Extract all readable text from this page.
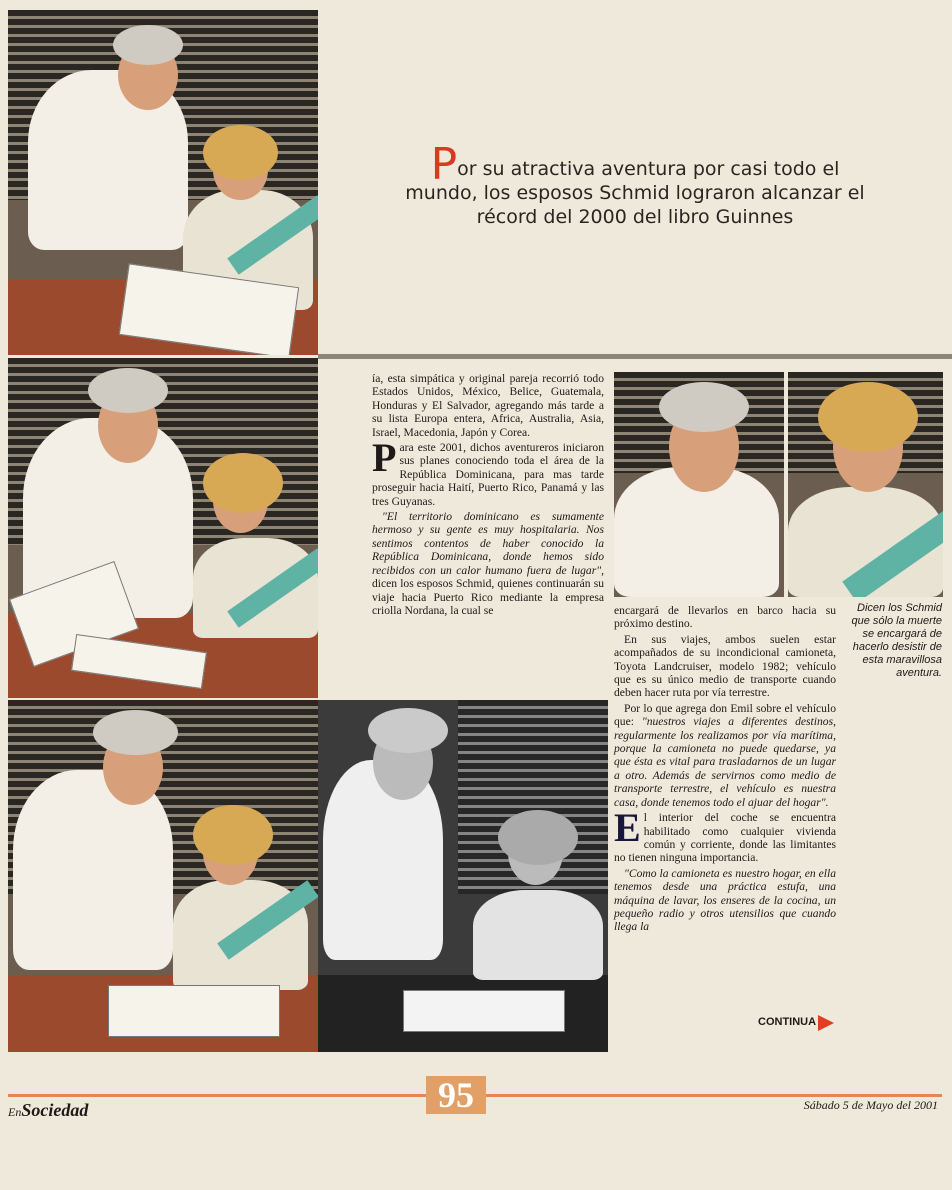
Por su atractiva aventura por casi todo el mundo, los esposos Schmid lograron alcanzar el récord del 2000 del libro Guinnes

ía, esta simpática y original pareja recorrió todo Estados Unidos, México, Belice, Guatemala, Honduras y El Salvador, agregando más tarde a su lista Europa entera, Africa, Australia, Asia, Israel, Macedonia, Japón y Corea.

Para este 2001, dichos aventureros iniciaron sus planes conociendo toda el área de la República Dominicana, para mas tarde proseguir hacia Haití, Puerto Rico, Panamá y las tres Guyanas.

"El territorio dominicano es sumamente hermoso y su gente es muy hospitalaria. Nos sentimos contentos de haber conocido la República Dominicana, donde hemos sido recibidos con un calor humano fuera de lugar", dicen los esposos Schmid, quienes continuarán su viaje hacia Puerto Rico mediante la empresa criolla Nordana, la cual se	encargará de llevarlos en barco hacia su próximo destino.

En sus viajes, ambos suelen estar acompañados de su incondicional camioneta, Toyota Landcruiser, modelo 1982; vehículo que es su único medio de transporte cuando deben hacer ruta por vía terrestre.

Por lo que agrega don Emil sobre el vehículo que: "nuestros viajes a diferentes destinos, regularmente los realizamos por vía marítima, porque la camioneta no puede quedarse, ya que ésta es vital para trasladarnos de un lugar a otro. Además de servirnos como medio de transporte terrestre, el vehículo es nuestra casa, donde tenemos todo el ajuar del hogar".

El interior del coche se encuentra habilitado como cualquier vivienda común y corriente, donde las limitantes no tienen ninguna importancia.

"Como la camioneta es nuestro hogar, en ella tenemos desde una práctica estufa, una máquina de lavar, los enseres de la cocina, un pequeño radio y otros utensilios que cuando llega la

Dicen los Schmid que sólo la muerte se encargará de hacerlo desistir de esta maravillosa aventura.
CONTINUA
95
EnSociedad	Sábado 5 de Mayo del 2001
